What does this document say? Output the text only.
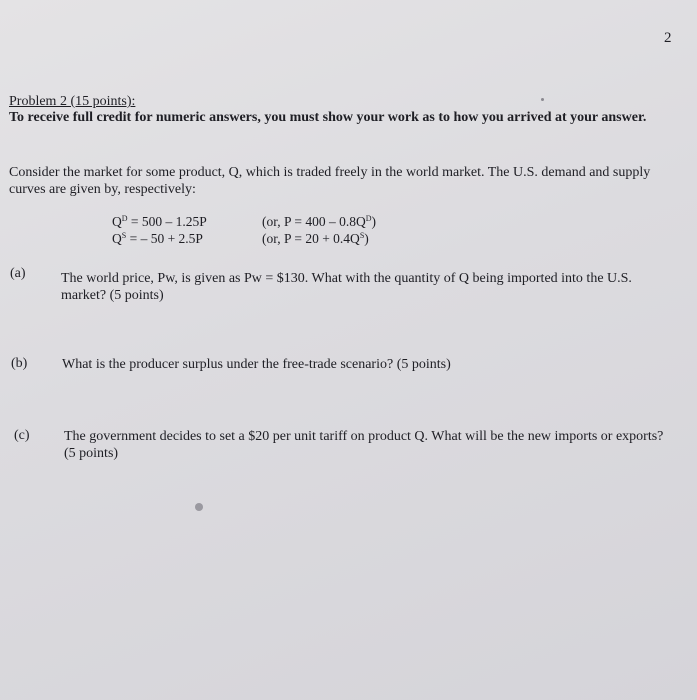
2
Problem 2 (15 points):
To receive full credit for numeric answers, you must show your work as to how you arrived at your answer.
Consider the market for some product, Q, which is traded freely in the world market. The U.S. demand and supply curves are given by, respectively:
$Q^D = 500 - 1.25P$
$Q^S$ = – 50 + 2.5P
(or, $P = 400 - 0.8Q^D$)
(or, $P = 20 + 0.4Q^S$)
(a)	The world price, Pw, is given as Pw = $130. What with the quantity of Q being imported into the U.S. market? (5 points)
(b) What is the producer surplus under the free-trade scenario? (5 points)
(c) The government decides to set a $20 per unit tariff on product Q. What will be the new imports or exports? (5 points)
